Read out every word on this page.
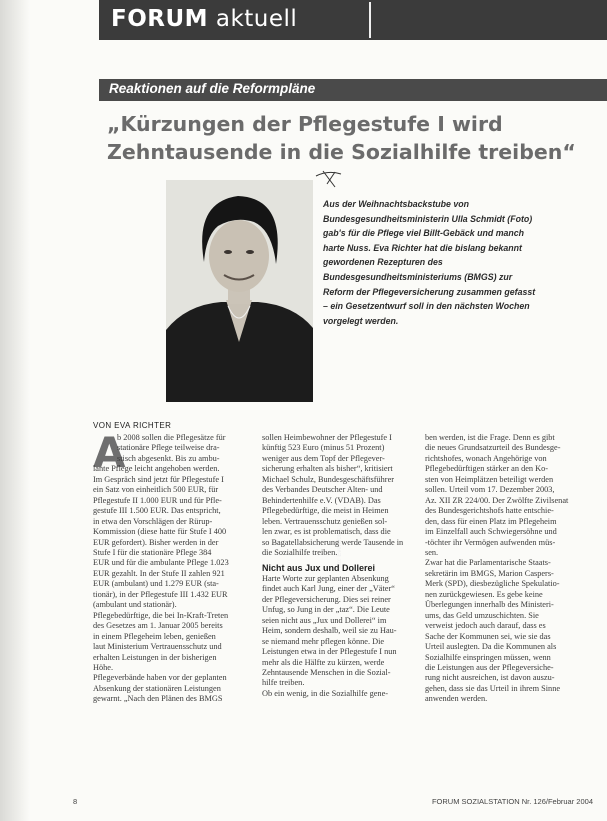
FORUM aktuell
Reaktionen auf die Reformpläne
„Kürzungen der Pflegestufe I wird
Zehntausende in die Sozialhilfe treiben“
Foto: Eventfotos

Aus der Weihnachtsbackstube von
Bundesgesundheitsministerin Ulla Schmidt (Foto)
gab's für die Pflege viel Billt-Gebäck und manch
harte Nuss. Eva Richter hat die bislang bekannt
gewordenen Rezepturen des
Bundesgesundheitsministeriums (BMGS) zur
Reform der Pflegeversicherung zusammen gefasst
– ein Gesetzentwurf soll in den nächsten Wochen
vorgelegt werden.

VON EVA RICHTER
A
b 2008 sollen die Pflegesätze für
stationäre Pflege teilweise dra-
stisch abgesenkt. Bis zu ambu-
lante Pflege leicht angehoben werden.
Im Gespräch sind jetzt für Pflegestufe I
ein Satz von einheitlich 500 EUR, für
Pflegestufe II 1.000 EUR und für Pfle-
gestufe III 1.500 EUR. Das entspricht,
in etwa den Vorschlägen der Rürup-
Kommission (diese hatte für Stufe I 400
EUR gefordert). Bisher werden in der
Stufe I für die stationäre Pflege 384
EUR und für die ambulante Pflege 1.023
EUR gezahlt. In der Stufe II zahlen 921
EUR (ambulant) und 1.279 EUR (sta-
tionär), in der Pflegestufe III 1.432 EUR
(ambulant und stationär).
Pflegebedürftige, die bei In-Kraft-Treten
des Gesetzes am 1. Januar 2005 bereits
in einem Pflegeheim leben, genießen
laut Ministerium Vertrauensschutz und
erhalten Leistungen in der bisherigen
Höhe.
Pflegeverbände haben vor der geplanten
Absenkung der stationären Leistungen
gewarnt. „Nach den Plänen des BMGS
sollen Heimbewohner der Pflegestufe I
künftig 523 Euro (minus 51 Prozent)
weniger aus dem Topf der Pflegever-
sicherung erhalten als bisher“, kritisiert
Michael Schulz, Bundesgeschäftsführer
des Verbandes Deutscher Alten- und
Behindertenhilfe e.V. (VDAB). Das
Pflegebedürftige, die meist in Heimen
leben. Vertrauensschutz genießen sol-
len zwar, es ist problematisch, dass die
so Bagatellabsicherung werde Tausende in
die Sozialhilfe treiben.
Nicht aus Jux und Dollerei
Harte Worte zur geplanten Absenkung
findet auch Karl Jung, einer der „Väter“
der Pflegeversicherung. Dies sei reiner
Unfug, so Jung in der „taz“. Die Leute
seien nicht aus „Jux und Dollerei“ im
Heim, sondern deshalb, weil sie zu Hau-
se niemand mehr pflegen könne. Die
Leistungen etwa in der Pflegestufe I nun
mehr als die Hälfte zu kürzen, werde
Zehntausende Menschen in die Sozial-
hilfe treiben.
Ob ein wenig, in die Sozialhilfe gene-
ben werden, ist die Frage. Denn es gibt
die neues Grundsatzurteil des Bundesge-
richtshofes, wonach Angehörige von
Pflegebedürftigen stärker an den Ko-
sten von Heimplätzen beteiligt werden
sollen. Urteil vom 17. Dezember 2003,
Az. XII ZR 224/00. Der Zwölfte Zivilsenat
des Bundesgerichtshofs hatte entschie-
den, dass für einen Platz im Pflegeheim
im Einzelfall auch Schwiegersöhne und
-töchter ihr Vermögen aufwenden müs-
sen.
Zwar hat die Parlamentarische Staats-
sekretärin im BMGS, Marion Caspers-
Merk (SPD), diesbezügliche Spekulatio-
nen zurückgewiesen. Es gebe keine
Überlegungen innerhalb des Ministeri-
ums, das Geld umzuschichten. Sie
verweist jedoch auch darauf, dass es
Sache der Kommunen sei, wie sie das
Urteil auslegten. Da die Kommunen als
Sozialhilfe einspringen müssen, wenn
die Leistungen aus der Pflegeversiche-
rung nicht ausreichen, ist davon auszu-
gehen, dass sie das Urteil in ihrem Sinne
anwenden werden.
8	FORUM SOZIALSTATION Nr. 126/Februar 2004
